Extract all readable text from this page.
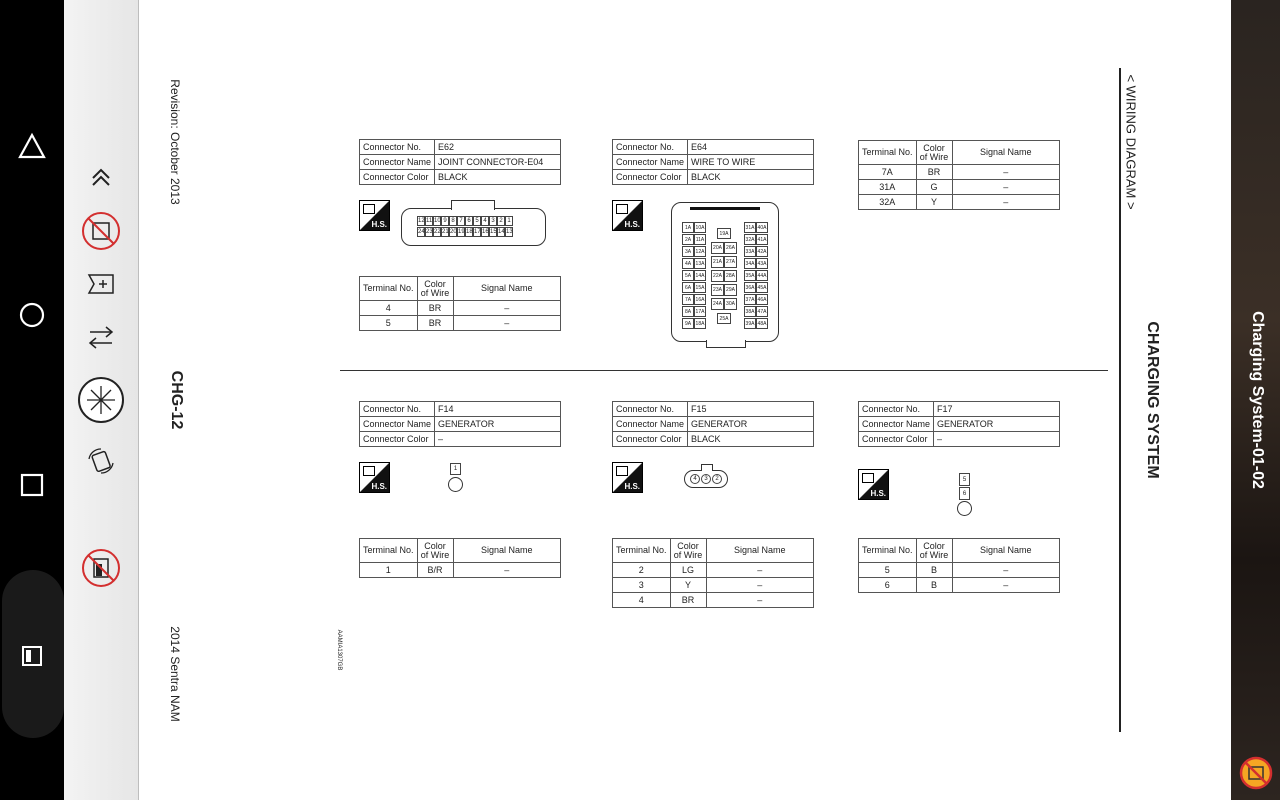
Revision: October 2013
CHG-12
2014 Sentra NAM	AAMIA1307GB
< WIRING DIAGRAM >
CHARGING SYSTEM
Connector No.	E62
Connector Name	JOINT CONNECTOR-E04
Connector Color	BLACK
H.S.	12 11 10 9 8 7 6 5 4 3 2 1
24 23 22 21 20 19 18 17 16 15 14 13
Terminal No.	Color of Wire	Signal Name
4	BR	–
5	BR	–
Connector No.	E64
Connector Name	WIRE TO WIRE
Connector Color	BLACK
H.S.	1A
2A
3A
4A
5A
6A
7A
8A
9A
10A
11A
12A
13A
14A
15A
16A
17A
18A
31A
32A
33A
34A
35A
36A
37A
38A
39A
40A
41A
42A
43A
44A
45A
46A
47A
48A
19A
20A
21A
22A
23A
24A
26A
27A
28A
29A
30A
25A
Terminal No.	Color of Wire	Signal Name
7A	BR	–
31A	G	–
32A	Y	–
Connector No.	F14
Connector Name	GENERATOR
Connector Color	–
H.S.
1
Terminal No.	Color of Wire	Signal Name
1	B/R	–
Connector No.	F15
Connector Name	GENERATOR
Connector Color	BLACK
H.S.
4	3	2
Terminal No.	Color of Wire	Signal Name
2	LG	–
3	Y	–
4	BR	–
Connector No.	F17
Connector Name	GENERATOR
Connector Color	–
H.S.
5
6
Terminal No.	Color of Wire	Signal Name
5	B	–
6	B	–
Charging System-01-02
